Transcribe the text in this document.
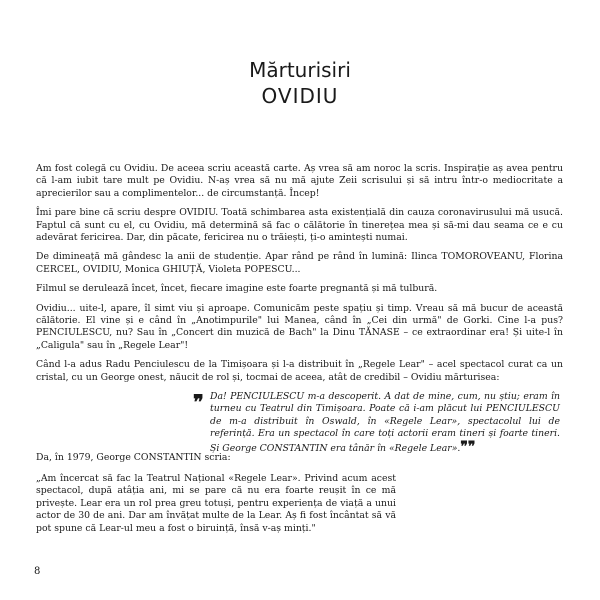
Mărturisiri
OVIDIU

Am fost colegă cu Ovidiu. De aceea scriu această carte. Aș vrea să am noroc la scris. Inspirație aș avea pentru că l-am iubit tare mult pe Ovidiu. N-aș vrea să nu mă ajute Zeii scrisului și să intru într-o mediocritate a aprecierilor sau a complimentelor... de circumstanță. Încep!

Îmi pare bine că scriu despre OVIDIU. Toată schimbarea asta existențială din cauza coronavirusului mă usucă. Faptul că sunt cu el, cu Ovidiu, mă determină să fac o călătorie în tinerețea mea și să-mi dau seama ce e cu adevărat fericirea. Dar, din păcate, fericirea nu o trăiești, ți-o amintești numai.

De dimineață mă gândesc la anii de studenție. Apar rând pe rând în lumină: Ilinca TOMOROVEANU, Florina CERCEL, OVIDIU, Monica GHIUȚĂ, Violeta POPESCU...

Filmul se derulează încet, încet, fiecare imagine este foarte pregnantă și mă tulbură.

Ovidiu... uite-l, apare, îl simt viu și aproape. Comunicăm peste spațiu și timp. Vreau să mă bucur de această călătorie. El vine și e când în „Anotimpurile" lui Manea, când în „Cei din urmă" de Gorki. Cine l-a pus? PENCIULESCU, nu? Sau în „Concert din muzică de Bach" la Dinu TĂNASE – ce extraordinar era! Și uite-l în „Caligula" sau în „Regele Lear"!

Când l-a adus Radu Penciulescu de la Timișoara și l-a distribuit în „Regele Lear" – acel spectacol curat ca un cristal, cu un George onest, năucit de rol și, tocmai de aceea, atât de credibil – Ovidiu mărturisea:

❞ Da! PENCIULESCU m-a descoperit. A dat de mine, cum, nu știu; eram în turneu cu Teatrul din Timișoara. Poate că i-am plăcut lui PENCIULESCU de m-a distribuit în Oswald, în «Regele Lear», spectacolul lui de referință. Era un spectacol în care toți actorii eram tineri și foarte tineri. Și George CONSTANTIN era tânăr în «Regele Lear».❞❞

Da, în 1979, George CONSTANTIN scria:
„Am încercat să fac la Teatrul Național «Regele Lear». Privind acum acest spectacol, după atâția ani, mi se pare că nu era foarte reușit în ce mă privește. Lear era un rol prea greu totuși, pentru experiența de viață a unui actor de 30 de ani. Dar am învățat multe de la Lear. Aș fi fost încântat să vă pot spune că Lear-ul meu a fost o biruință, însă v-aș minți."
8
